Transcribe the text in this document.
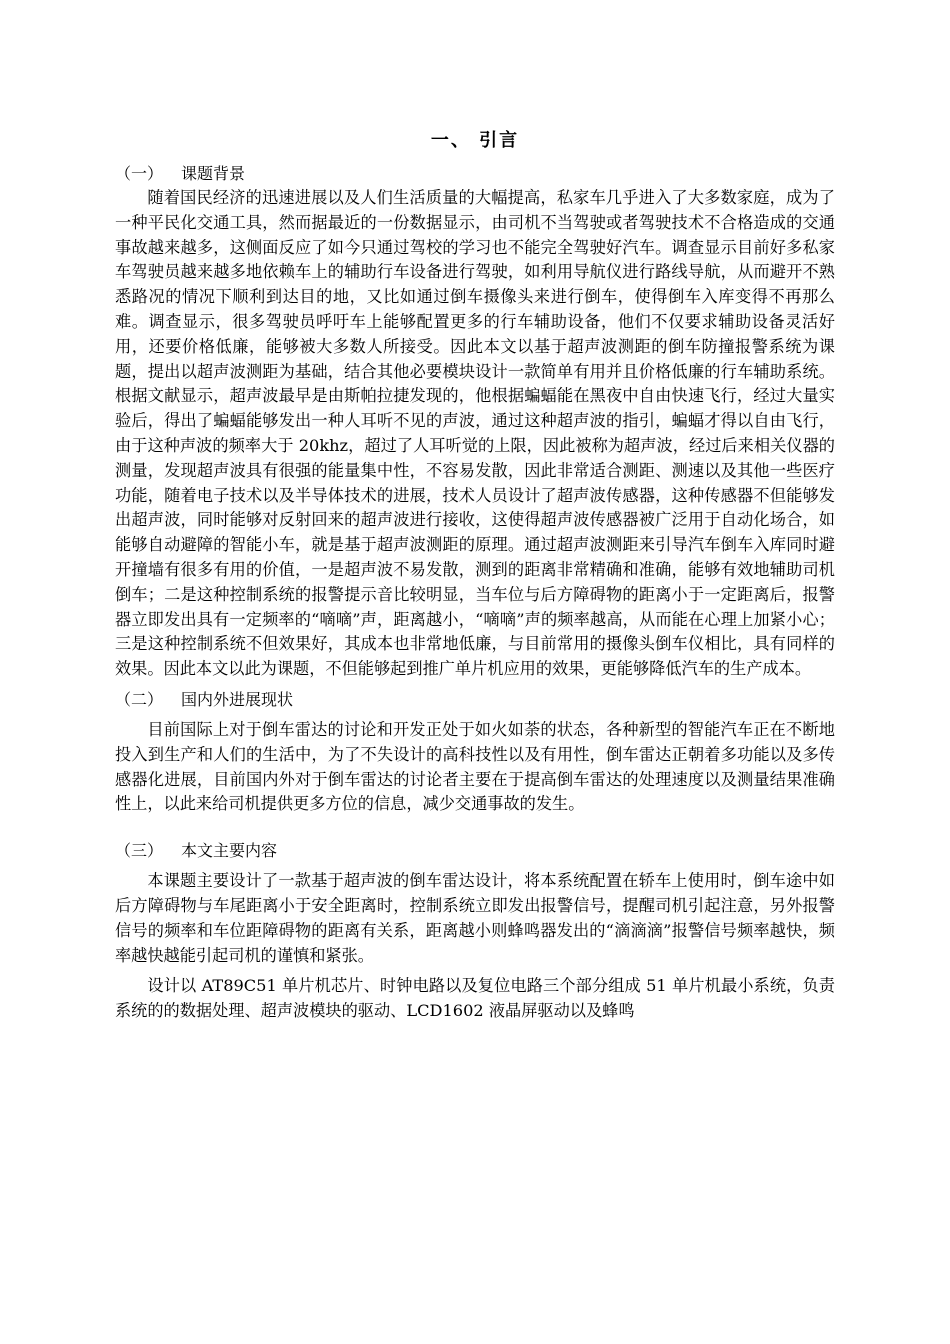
一、 引言
（一） 课题背景

随着国民经济的迅速进展以及人们生活质量的大幅提高，私家车几乎进入了大多数家庭，成为了一种平民化交通工具，然而据最近的一份数据显示，由司机不当驾驶或者驾驶技术不合格造成的交通事故越来越多，这侧面反应了如今只通过驾校的学习也不能完全驾驶好汽车。调查显示目前好多私家车驾驶员越来越多地依赖车上的辅助行车设备进行驾驶，如利用导航仪进行路线导航，从而避开不熟悉路况的情况下顺利到达目的地，又比如通过倒车摄像头来进行倒车，使得倒车入库变得不再那么难。调查显示，很多驾驶员呼吁车上能够配置更多的行车辅助设备，他们不仅要求辅助设备灵活好用，还要价格低廉，能够被大多数人所接受。因此本文以基于超声波测距的倒车防撞报警系统为课题，提出以超声波测距为基础，结合其他必要模块设计一款简单有用并且价格低廉的行车辅助系统。根据文献显示，超声波最早是由斯帕拉捷发现的，他根据蝙蝠能在黑夜中自由快速飞行，经过大量实验后，得出了蝙蝠能够发出一种人耳听不见的声波，通过这种超声波的指引，蝙蝠才得以自由飞行，由于这种声波的频率大于 20khz，超过了人耳听觉的上限，因此被称为超声波，经过后来相关仪器的测量，发现超声波具有很强的能量集中性，不容易发散，因此非常适合测距、测速以及其他一些医疗功能，随着电子技术以及半导体技术的进展，技术人员设计了超声波传感器，这种传感器不但能够发出超声波，同时能够对反射回来的超声波进行接收，这使得超声波传感器被广泛用于自动化场合，如能够自动避障的智能小车，就是基于超声波测距的原理。通过超声波测距来引导汽车倒车入库同时避开撞墙有很多有用的价值，一是超声波不易发散，测到的距离非常精确和准确，能够有效地辅助司机倒车；二是这种控制系统的报警提示音比较明显，当车位与后方障碍物的距离小于一定距离后，报警器立即发出具有一定频率的“嘀嘀”声，距离越小，“嘀嘀”声的频率越高，从而能在心理上加紧小心；三是这种控制系统不但效果好，其成本也非常地低廉，与目前常用的摄像头倒车仪相比，具有同样的效果。因此本文以此为课题，不但能够起到推广单片机应用的效果，更能够降低汽车的生产成本。

（二） 国内外进展现状

目前国际上对于倒车雷达的讨论和开发正处于如火如荼的状态，各种新型的智能汽车正在不断地投入到生产和人们的生活中，为了不失设计的高科技性以及有用性，倒车雷达正朝着多功能以及多传感器化进展，目前国内外对于倒车雷达的讨论者主要在于提高倒车雷达的处理速度以及测量结果准确性上，以此来给司机提供更多方位的信息，减少交通事故的发生。

（三） 本文主要内容

本课题主要设计了一款基于超声波的倒车雷达设计，将本系统配置在轿车上使用时，倒车途中如后方障碍物与车尾距离小于安全距离时，控制系统立即发出报警信号，提醒司机引起注意，另外报警信号的频率和车位距障碍物的距离有关系，距离越小则蜂鸣器发出的“滴滴滴”报警信号频率越快，频率越快越能引起司机的谨慎和紧张。

设计以 AT89C51 单片机芯片、时钟电路以及复位电路三个部分组成 51 单片机最小系统，负责系统的的数据处理、超声波模块的驱动、LCD1602 液晶屏驱动以及蜂鸣
